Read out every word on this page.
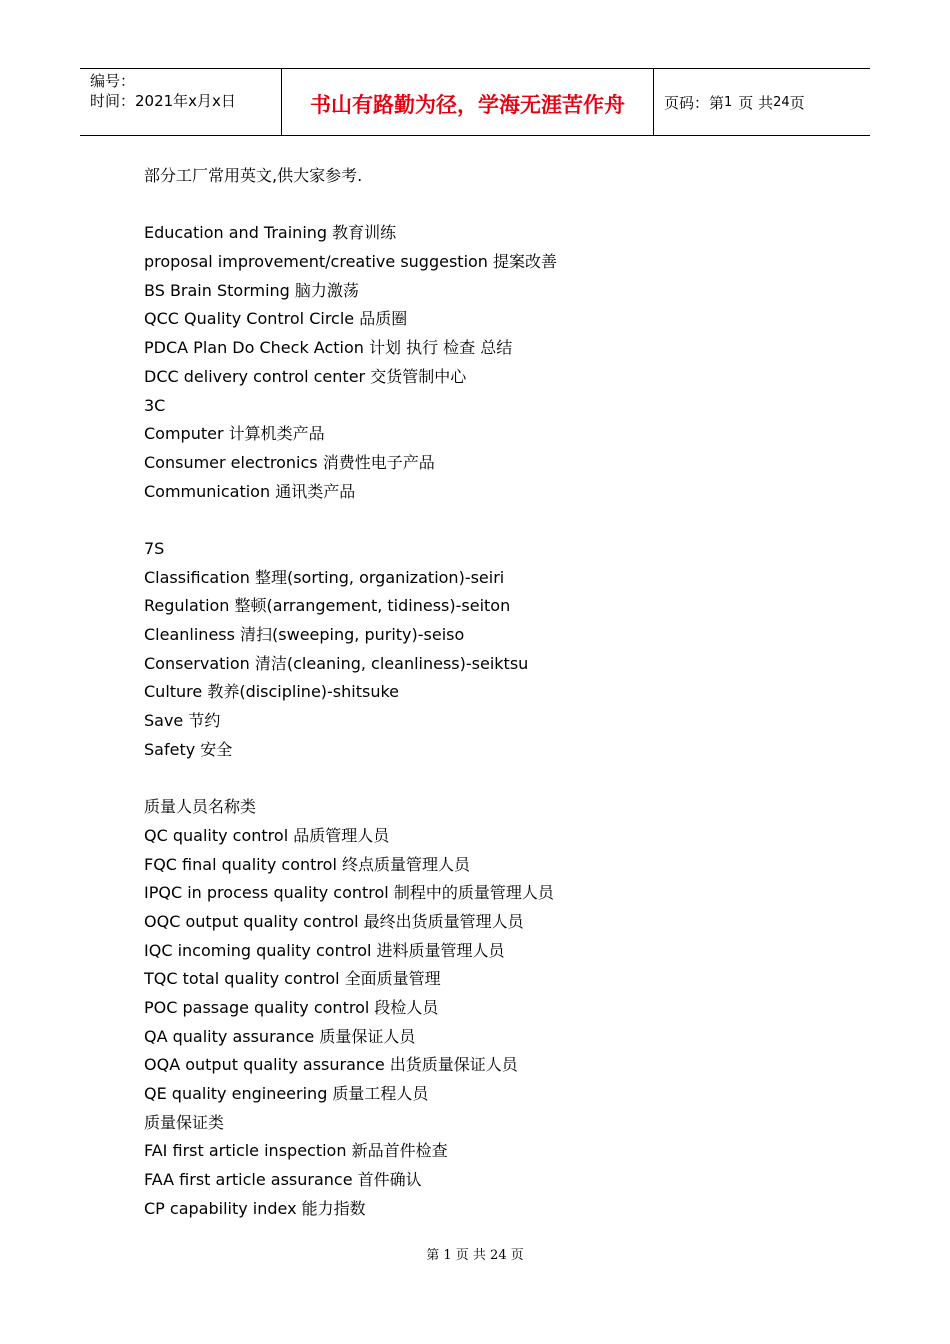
编号：
时间：2021年x月x日	书山有路勤为径，学海无涯苦作舟	页码：第 1 页 共 24 页
部分工厂常用英文,供大家参考.
Education and Training 教育训练
proposal improvement/creative suggestion 提案改善
BS Brain Storming 脑力激荡
QCC Quality Control Circle 品质圈
PDCA Plan Do Check Action 计划 执行 检查 总结
DCC delivery control center 交货管制中心
3C
Computer 计算机类产品
Consumer electronics 消费性电子产品
Communication 通讯类产品
7S
Classification 整理(sorting, organization)-seiri
Regulation 整顿(arrangement, tidiness)-seiton
Cleanliness 清扫(sweeping, purity)-seiso
Conservation 清洁(cleaning, cleanliness)-seiktsu
Culture 教养(discipline)-shitsuke
Save 节约
Safety 安全
质量人员名称类
QC quality control 品质管理人员
FQC final quality control 终点质量管理人员
IPQC in process quality control 制程中的质量管理人员
OQC output quality control 最终出货质量管理人员
IQC incoming quality control 进料质量管理人员
TQC total quality control 全面质量管理
POC passage quality control 段检人员
QA quality assurance 质量保证人员
OQA output quality assurance 出货质量保证人员
QE quality engineering 质量工程人员
质量保证类
FAI first article inspection 新品首件检查
FAA first article assurance 首件确认
CP capability index 能力指数
第 1 页 共 24 页
